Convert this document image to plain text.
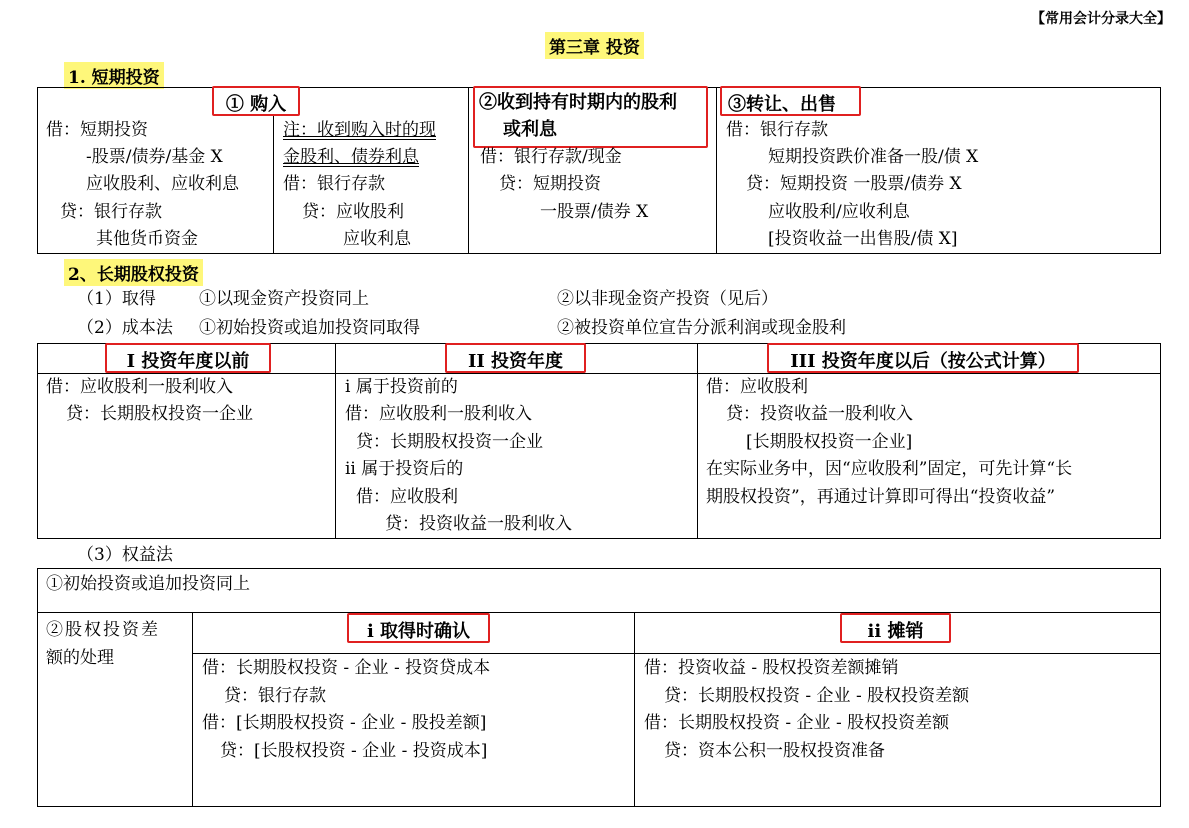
【常用会计分录大全】
第三章 投资
1. 短期投资
① 购入
借：短期投资
-股票/债券/基金 X
应收股利、应收利息
贷：银行存款
其他货币资金
注：收到购入时的现
金股利、债券利息
借：银行存款
贷：应收股利
应收利息
②收到持有时期内的股利
或利息
借：银行存款/现金
贷：短期投资
一股票/债券 X
③转让、出售
借：银行存款
短期投资跌价准备一股/债 X
贷：短期投资 一股票/债券 X
应收股利/应收利息
[投资收益一出售股/债 X]
2、长期股权投资
（1）取得	①以现金资产投资同上	②以非现金资产投资（见后）
（2）成本法 ①初始投资或追加投资同取得	②被投资单位宣告分派利润或现金股利
I 投资年度以前
借：应收股利一股利收入
贷：长期股权投资一企业
II 投资年度
i 属于投资前的
借：应收股利一股利收入
贷：长期股权投资一企业
ii 属于投资后的
借：应收股利
贷：投资收益一股利收入
III 投资年度以后（按公式计算）
借：应收股利
贷：投资收益一股利收入
[长期股权投资一企业]
在实际业务中，因“应收股利”固定，可先计算“长
期股权投资”，再通过计算即可得出“投资收益”
（3）权益法
①初始投资或追加投资同上
②股权投资差
额的处理
i 取得时确认
借：长期股权投资 - 企业 - 投资贷成本
贷：银行存款
借：[长期股权投资 - 企业 - 股投差额]
贷：[长股权投资 - 企业 - 投资成本]
ii 摊销
借：投资收益 - 股权投资差额摊销
贷：长期股权投资 - 企业 - 股权投资差额
借：长期股权投资 - 企业 - 股权投资差额
贷：资本公积一股权投资准备
